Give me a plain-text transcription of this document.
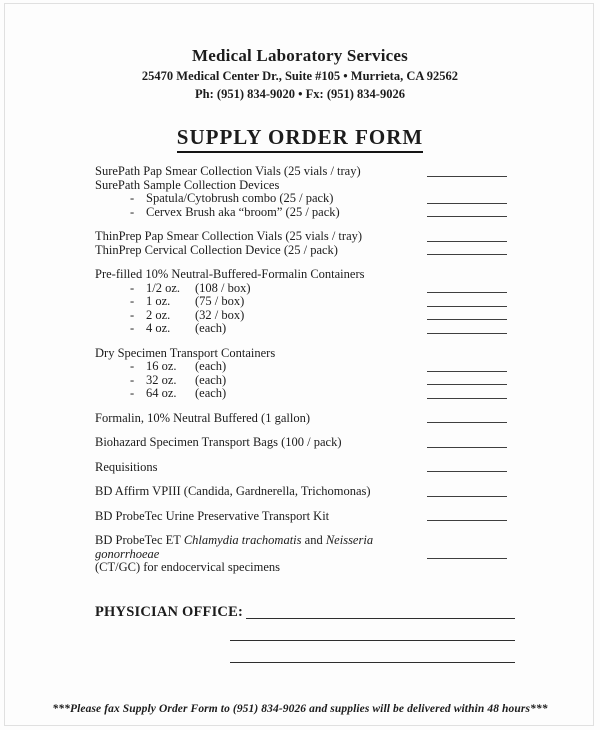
Medical Laboratory Services
25470 Medical Center Dr., Suite #105 • Murrieta, CA 92562
Ph: (951) 834-9020 • Fx: (951) 834-9026
SUPPLY ORDER FORM
SurePath Pap Smear Collection Vials (25 vials / tray)
SurePath Sample Collection Devices
- Spatula/Cytobrush combo (25 / pack)
- Cervex Brush aka “broom” (25 / pack)
ThinPrep Pap Smear Collection Vials (25 vials / tray)
ThinPrep Cervical Collection Device (25 / pack)
Pre-filled 10% Neutral-Buffered-Formalin Containers
- 1/2 oz. (108 / box)
- 1 oz. (75 / box)
- 2 oz. (32 / box)
- 4 oz. (each)
Dry Specimen Transport Containers
- 16 oz. (each)
- 32 oz. (each)
- 64 oz. (each)
Formalin, 10% Neutral Buffered (1 gallon)
Biohazard Specimen Transport Bags (100 / pack)
Requisitions
BD Affirm VPIII (Candida, Gardnerella, Trichomonas)
BD ProbeTec Urine Preservative Transport Kit
BD ProbeTec ET Chlamydia trachomatis and Neisseria gonorrhoeae
(CT/GC) for endocervical specimens
PHYSICIAN OFFICE:
***Please fax Supply Order Form to (951) 834-9026 and supplies will be delivered within 48 hours***
